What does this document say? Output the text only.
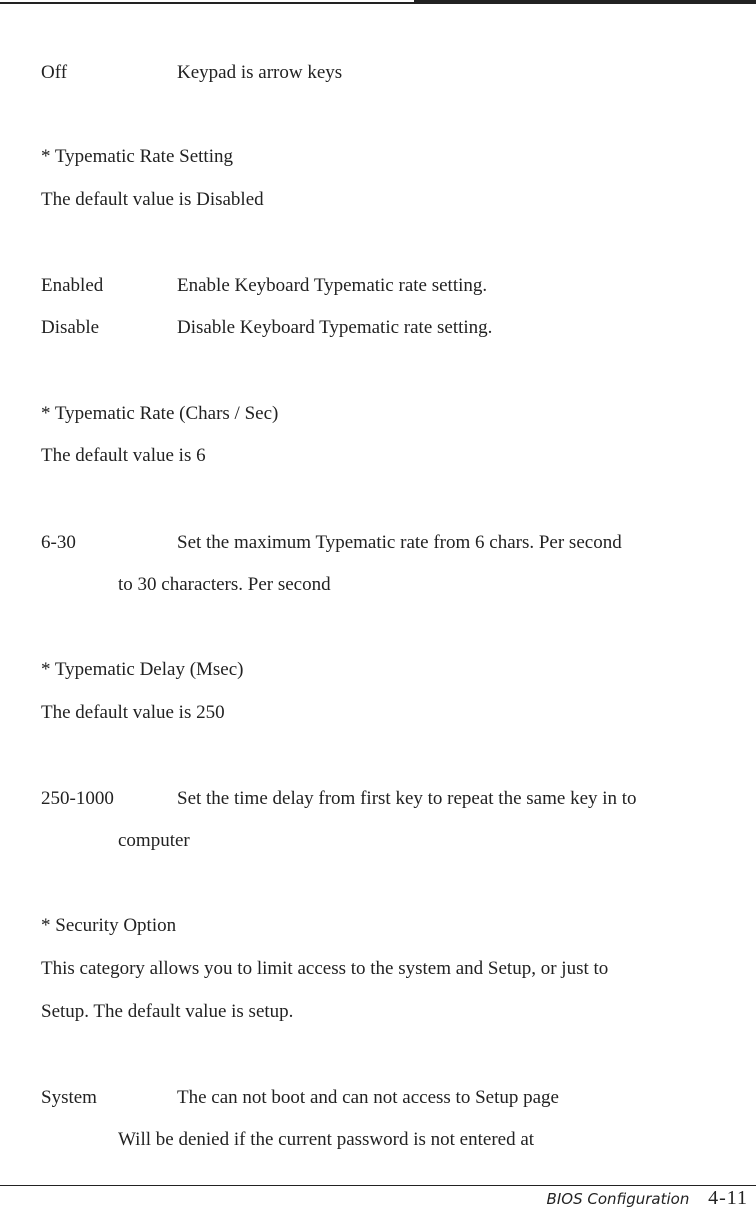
Off	Keypad is arrow keys
* Typematic Rate Setting
The default value is Disabled
Enabled	Enable Keyboard Typematic rate setting.
Disable	Disable Keyboard Typematic rate setting.
* Typematic Rate (Chars / Sec)
The default value is 6
6-30	Set the maximum Typematic rate from 6 chars. Per second
to 30 characters. Per second
* Typematic Delay (Msec)
The default value is 250
250-1000	Set the time delay from first key to repeat the same key in to
computer
* Security Option
This category allows you to limit access to the system and Setup, or just to
Setup. The default value is setup.
System	The can not boot and can not access to Setup page
Will be denied if the current password is not entered at
BIOS Configuration 4-11
